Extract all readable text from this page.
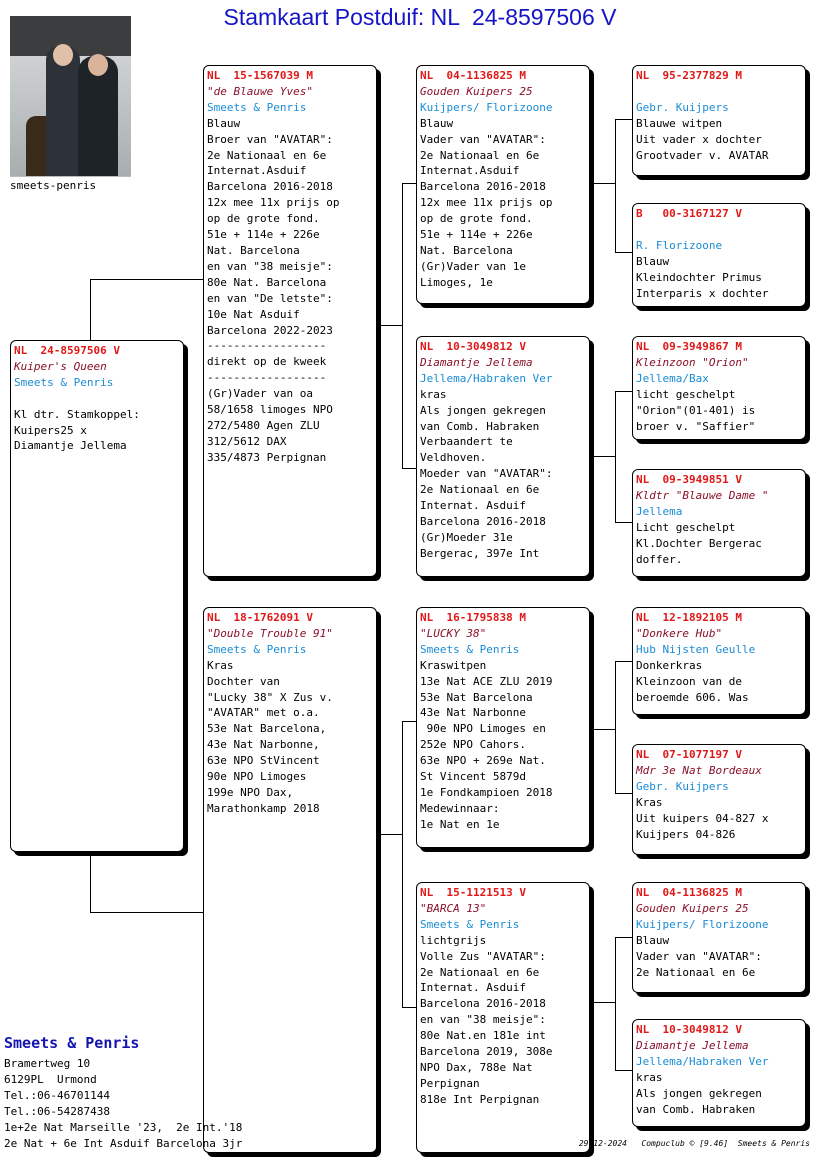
Stamkaart Postduif: NL  24-8597506 V
smeets-penris
NL  24-8597506 V
Kuiper's Queen
Smeets & Penris
Kl dtr. Stamkoppel:
Kuipers25 x
Diamantje Jellema
NL  15-1567039 M
"de Blauwe Yves"
Smeets & Penris
Blauw
Broer van "AVATAR":
2e Nationaal en 6e
Internat.Asduif
Barcelona 2016-2018
12x mee 11x prijs op
op de grote fond.
51e + 114e + 226e
Nat. Barcelona
en van "38 meisje":
80e Nat. Barcelona
en van "De letste":
10e Nat Asduif
Barcelona 2022-2023
------------------
direkt op de kweek
------------------
(Gr)Vader van oa
58/1658 limoges NPO
272/5480 Agen ZLU
312/5612 DAX
335/4873 Perpignan
NL  18-1762091 V
"Double Trouble 91"
Smeets & Penris
Kras
Dochter van
"Lucky 38" X Zus v.
"AVATAR" met o.a.
53e Nat Barcelona,
43e Nat Narbonne,
63e NPO StVincent
90e NPO Limoges
199e NPO Dax,
Marathonkamp 2018
NL  04-1136825 M
Gouden Kuipers 25
Kuijpers/ Florizoone
Blauw
Vader van "AVATAR":
2e Nationaal en 6e
Internat.Asduif
Barcelona 2016-2018
12x mee 11x prijs op
op de grote fond.
51e + 114e + 226e
Nat. Barcelona
(Gr)Vader van 1e
Limoges, 1e
NL  10-3049812 V
Diamantje Jellema
Jellema/Habraken Ver
kras
Als jongen gekregen
van Comb. Habraken
Verbaandert te
Veldhoven.
Moeder van "AVATAR":
2e Nationaal en 6e
Internat. Asduif
Barcelona 2016-2018
(Gr)Moeder 31e
Bergerac, 397e Int
NL  16-1795838 M
"LUCKY 38"
Smeets & Penris
Kraswitpen
13e Nat ACE ZLU 2019
53e Nat Barcelona
43e Nat Narbonne
90e NPO Limoges en
252e NPO Cahors.
63e NPO + 269e Nat.
St Vincent 5879d
1e Fondkampioen 2018
Medewinnaar:
1e Nat en 1e
NL  15-1121513 V
"BARCA 13"
Smeets & Penris
lichtgrijs
Volle Zus "AVATAR":
2e Nationaal en 6e
Internat. Asduif
Barcelona 2016-2018
en van "38 meisje":
80e Nat.en 181e int
Barcelona 2019, 308e
NPO Dax, 788e Nat
Perpignan
818e Int Perpignan
NL  95-2377829 M
Gebr. Kuijpers
Blauwe witpen
Uit vader x dochter
Grootvader v. AVATAR
B   00-3167127 V
R. Florizoone
Blauw
Kleindochter Primus
Interparis x dochter
NL  09-3949867 M
Kleinzoon "Orion"
Jellema/Bax
licht geschelpt
"Orion"(01-401) is
broer v. "Saffier"
NL  09-3949851 V
Kldtr "Blauwe Dame "
Jellema
Licht geschelpt
Kl.Dochter Bergerac
doffer.
NL  12-1892105 M
"Donkere Hub"
Hub Nijsten Geulle
Donkerkras
Kleinzoon van de
beroemde 606. Was
NL  07-1077197 V
Mdr 3e Nat Bordeaux
Gebr. Kuijpers
Kras
Uit kuipers 04-827 x
Kuijpers 04-826
NL  04-1136825 M
Gouden Kuipers 25
Kuijpers/ Florizoone
Blauw
Vader van "AVATAR":
2e Nationaal en 6e
NL  10-3049812 V
Diamantje Jellema
Jellema/Habraken Ver
kras
Als jongen gekregen
van Comb. Habraken
Smeets & Penris
Bramertweg 10
6129PL  Urmond
Tel.:06-46701144
Tel.:06-54287438
1e+2e Nat Marseille '23,  2e Int.'18
2e Nat + 6e Int Asduif Barcelona 3jr	29-12-2024   Compuclub © [9.46]  Smeets & Penris
